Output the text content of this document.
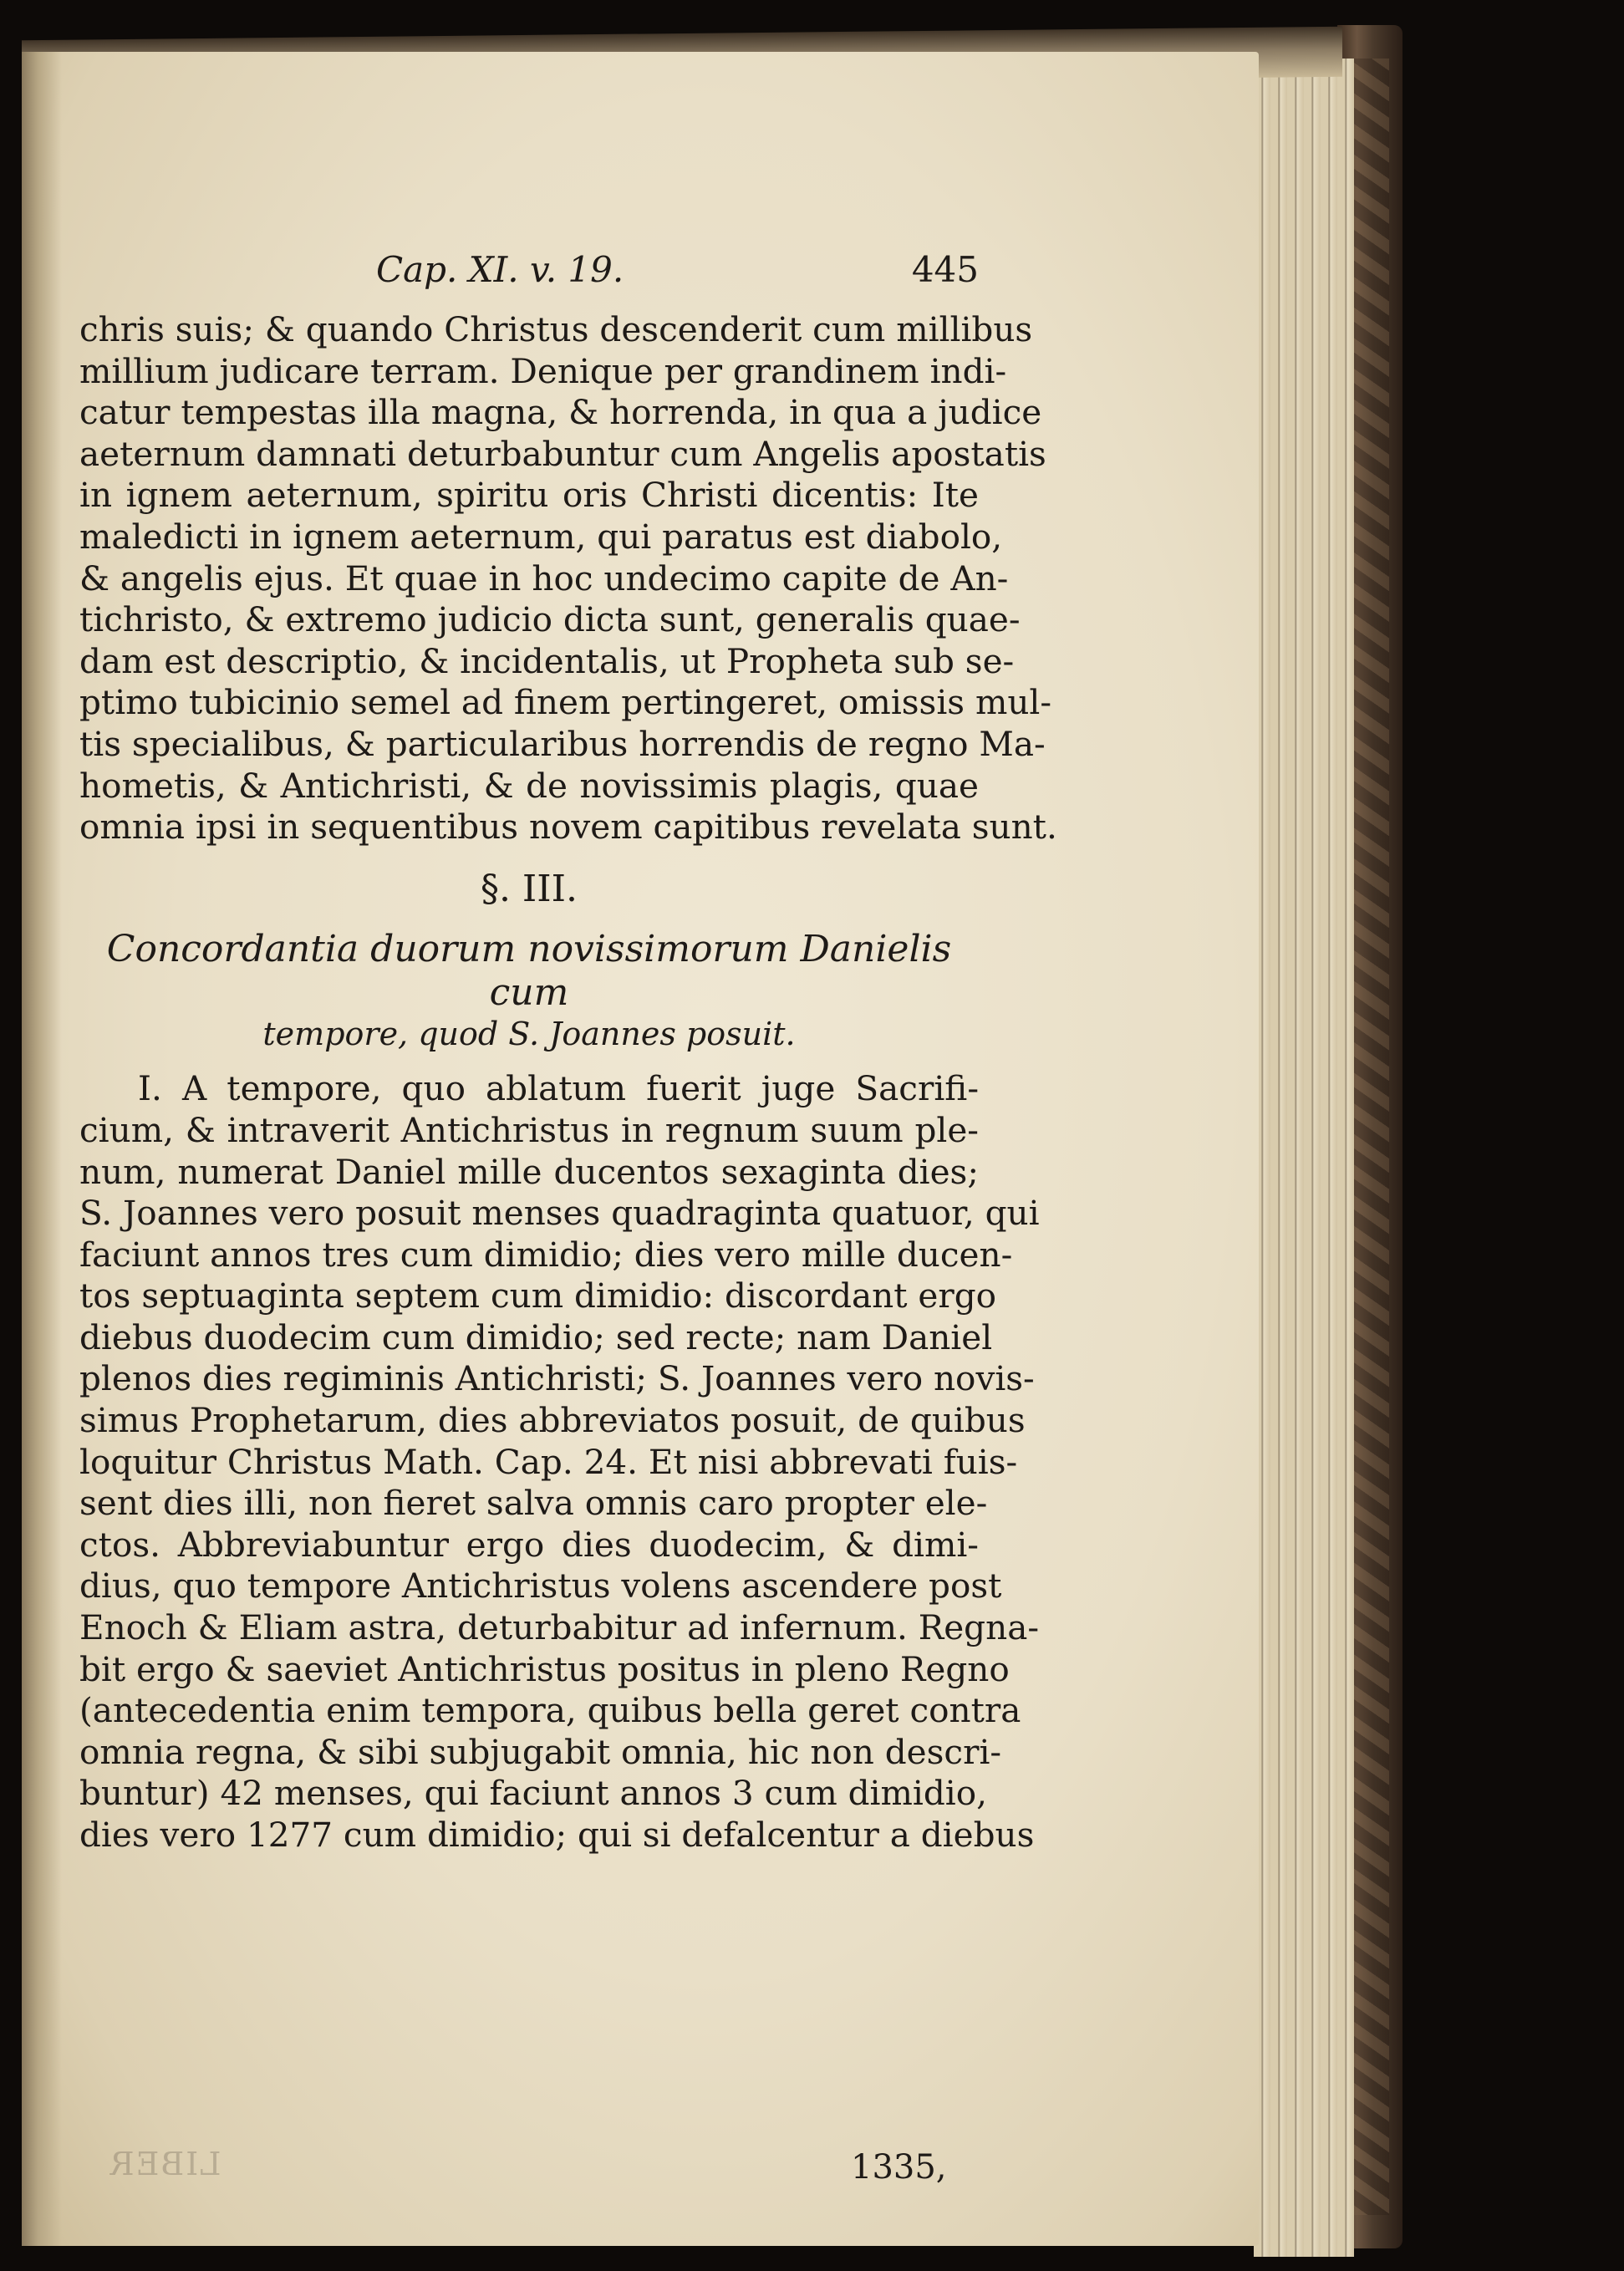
Cap. XI. v. 19.	445
chris suis; & quando Christus descenderit cum millibus
millium judicare terram. Denique per grandinem indi-
catur tempestas illa magna, & horrenda, in qua a judice
aeternum damnati deturbabuntur cum Angelis apostatis
in ignem aeternum, spiritu oris Christi dicentis: Ite
maledicti in ignem aeternum, qui paratus est diabolo,
& angelis ejus. Et quae in hoc undecimo capite de An-
tichristo, & extremo judicio dicta sunt, generalis quae-
dam est descriptio, & incidentalis, ut Propheta sub se-
ptimo tubicinio semel ad finem pertingeret, omissis mul-
tis specialibus, & particularibus horrendis de regno Ma-
hometis, & Antichristi, & de novissimis plagis, quae
omnia ipsi in sequentibus novem capitibus revelata sunt.
§. III.
Concordantia duorum novissimorum Danielis cum
tempore, quod S. Joannes posuit.
I. A tempore, quo ablatum fuerit juge Sacrifi-
cium, & intraverit Antichristus in regnum suum ple-
num, numerat Daniel mille ducentos sexaginta dies;
S. Joannes vero posuit menses quadraginta quatuor, qui
faciunt annos tres cum dimidio; dies vero mille ducen-
tos septuaginta septem cum dimidio: discordant ergo
diebus duodecim cum dimidio; sed recte; nam Daniel
plenos dies regiminis Antichristi; S. Joannes vero novis-
simus Prophetarum, dies abbreviatos posuit, de quibus
loquitur Christus Math. Cap. 24. Et nisi abbrevati fuis-
sent dies illi, non fieret salva omnis caro propter ele-
ctos. Abbreviabuntur ergo dies duodecim, & dimi-
dius, quo tempore Antichristus volens ascendere post
Enoch & Eliam astra, deturbabitur ad infernum. Regna-
bit ergo & saeviet Antichristus positus in pleno Regno
(antecedentia enim tempora, quibus bella geret contra
omnia regna, & sibi subjugabit omnia, hic non descri-
buntur) 42 menses, qui faciunt annos 3 cum dimidio,
dies vero 1277 cum dimidio; qui si defalcentur a diebus
LIBER	1335,
